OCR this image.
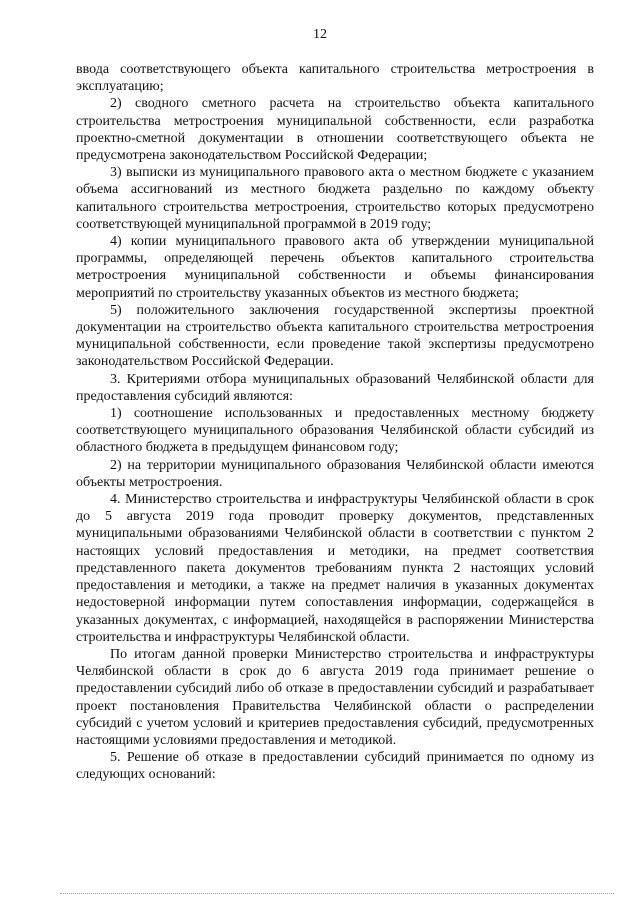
12

ввода соответствующего объекта капитального строительства метростроения в эксплуатацию;

2) сводного сметного расчета на строительство объекта капитального строительства метростроения муниципальной собственности, если разработка проектно-сметной документации в отношении соответствующего объекта не предусмотрена законодательством Российской Федерации;

3) выписки из муниципального правового акта о местном бюджете с указанием объема ассигнований из местного бюджета раздельно по каждому объекту капитального строительства метростроения, строительство которых предусмотрено соответствующей муниципальной программой в 2019 году;

4) копии муниципального правового акта об утверждении муниципальной программы, определяющей перечень объектов капитального строительства метростроения муниципальной собственности и объемы финансирования мероприятий по строительству указанных объектов из местного бюджета;

5) положительного заключения государственной экспертизы проектной документации на строительство объекта капитального строительства метростроения муниципальной собственности, если проведение такой экспертизы предусмотрено законодательством Российской Федерации.

3. Критериями отбора муниципальных образований Челябинской области для предоставления субсидий являются:

1) соотношение использованных и предоставленных местному бюджету соответствующего муниципального образования Челябинской области субсидий из областного бюджета в предыдущем финансовом году;

2) на территории муниципального образования Челябинской области имеются объекты метростроения.

4. Министерство строительства и инфраструктуры Челябинской области в срок до 5 августа 2019 года проводит проверку документов, представленных муниципальными образованиями Челябинской области в соответствии с пунктом 2 настоящих условий предоставления и методики, на предмет соответствия представленного пакета документов требованиям пункта 2 настоящих условий предоставления и методики, а также на предмет наличия в указанных документах недостоверной информации путем сопоставления информации, содержащейся в указанных документах, с информацией, находящейся в распоряжении Министерства строительства и инфраструктуры Челябинской области.

По итогам данной проверки Министерство строительства и инфраструктуры Челябинской области в срок до 6 августа 2019 года принимает решение о предоставлении субсидий либо об отказе в предоставлении субсидий и разрабатывает проект постановления Правительства Челябинской области о распределении субсидий с учетом условий и критериев предоставления субсидий, предусмотренных настоящими условиями предоставления и методикой.

5. Решение об отказе в предоставлении субсидий принимается по одному из следующих оснований:
